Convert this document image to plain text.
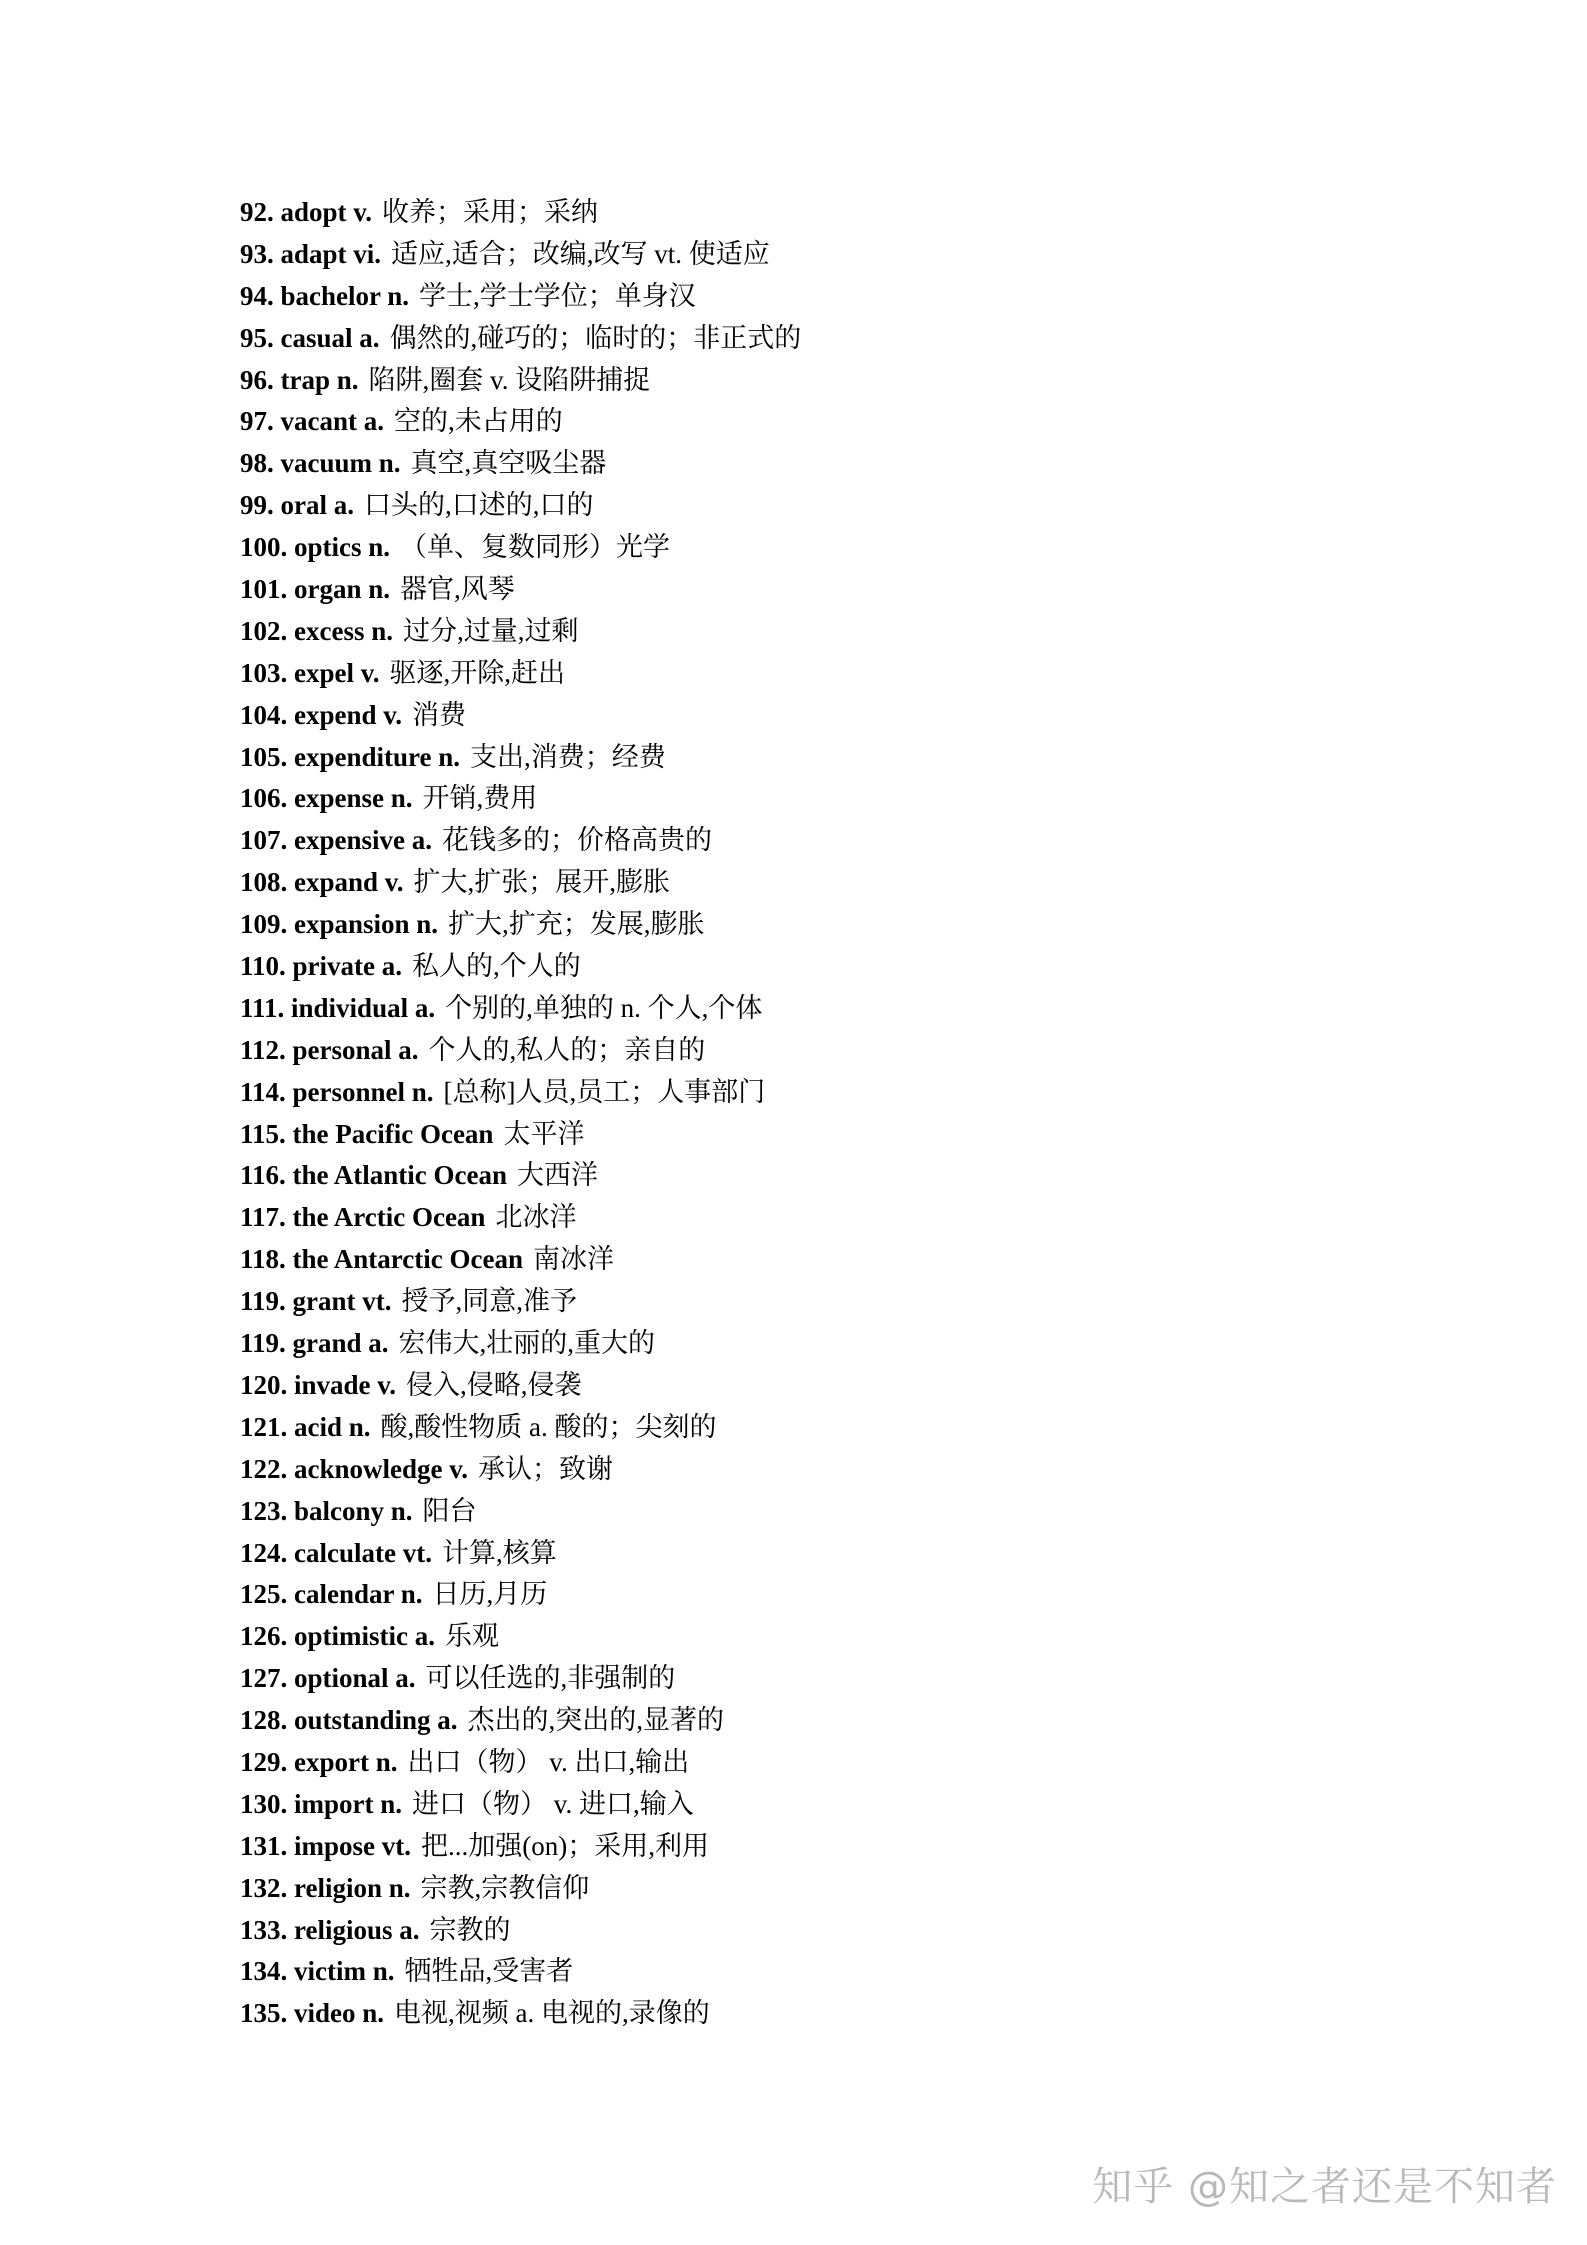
92. adopt v. 收养；采用；采纳
93. adapt vi. 适应,适合；改编,改写 vt. 使适应
94. bachelor n. 学士,学士学位；单身汉
95. casual a. 偶然的,碰巧的；临时的；非正式的
96. trap n. 陷阱,圈套 v. 设陷阱捕捉
97. vacant a. 空的,未占用的
98. vacuum n. 真空,真空吸尘器
99. oral a. 口头的,口述的,口的
100. optics n. （单、复数同形）光学
101. organ n. 器官,风琴
102. excess n. 过分,过量,过剩
103. expel v. 驱逐,开除,赶出
104. expend v. 消费
105. expenditure n. 支出,消费；经费
106. expense n. 开销,费用
107. expensive a. 花钱多的；价格高贵的
108. expand v. 扩大,扩张；展开,膨胀
109. expansion n. 扩大,扩充；发展,膨胀
110. private a. 私人的,个人的
111. individual a. 个别的,单独的 n. 个人,个体
112. personal a. 个人的,私人的；亲自的
114. personnel n. [总称]人员,员工；人事部门
115. the Pacific Ocean 太平洋
116. the Atlantic Ocean 大西洋
117. the Arctic Ocean 北冰洋
118. the Antarctic Ocean 南冰洋
119. grant vt. 授予,同意,准予
119. grand a. 宏伟大,壮丽的,重大的
120. invade v. 侵入,侵略,侵袭
121. acid n. 酸,酸性物质 a. 酸的；尖刻的
122. acknowledge v. 承认；致谢
123. balcony n. 阳台
124. calculate vt. 计算,核算
125. calendar n. 日历,月历
126. optimistic a. 乐观
127. optional a. 可以任选的,非强制的
128. outstanding a. 杰出的,突出的,显著的
129. export n. 出口（物） v. 出口,输出
130. import n. 进口（物） v. 进口,输入
131. impose vt. 把...加强(on)；采用,利用
132. religion n. 宗教,宗教信仰
133. religious a. 宗教的
134. victim n. 牺牲品,受害者
135. video n. 电视,视频 a. 电视的,录像的
知乎 @知之者还是不知者
